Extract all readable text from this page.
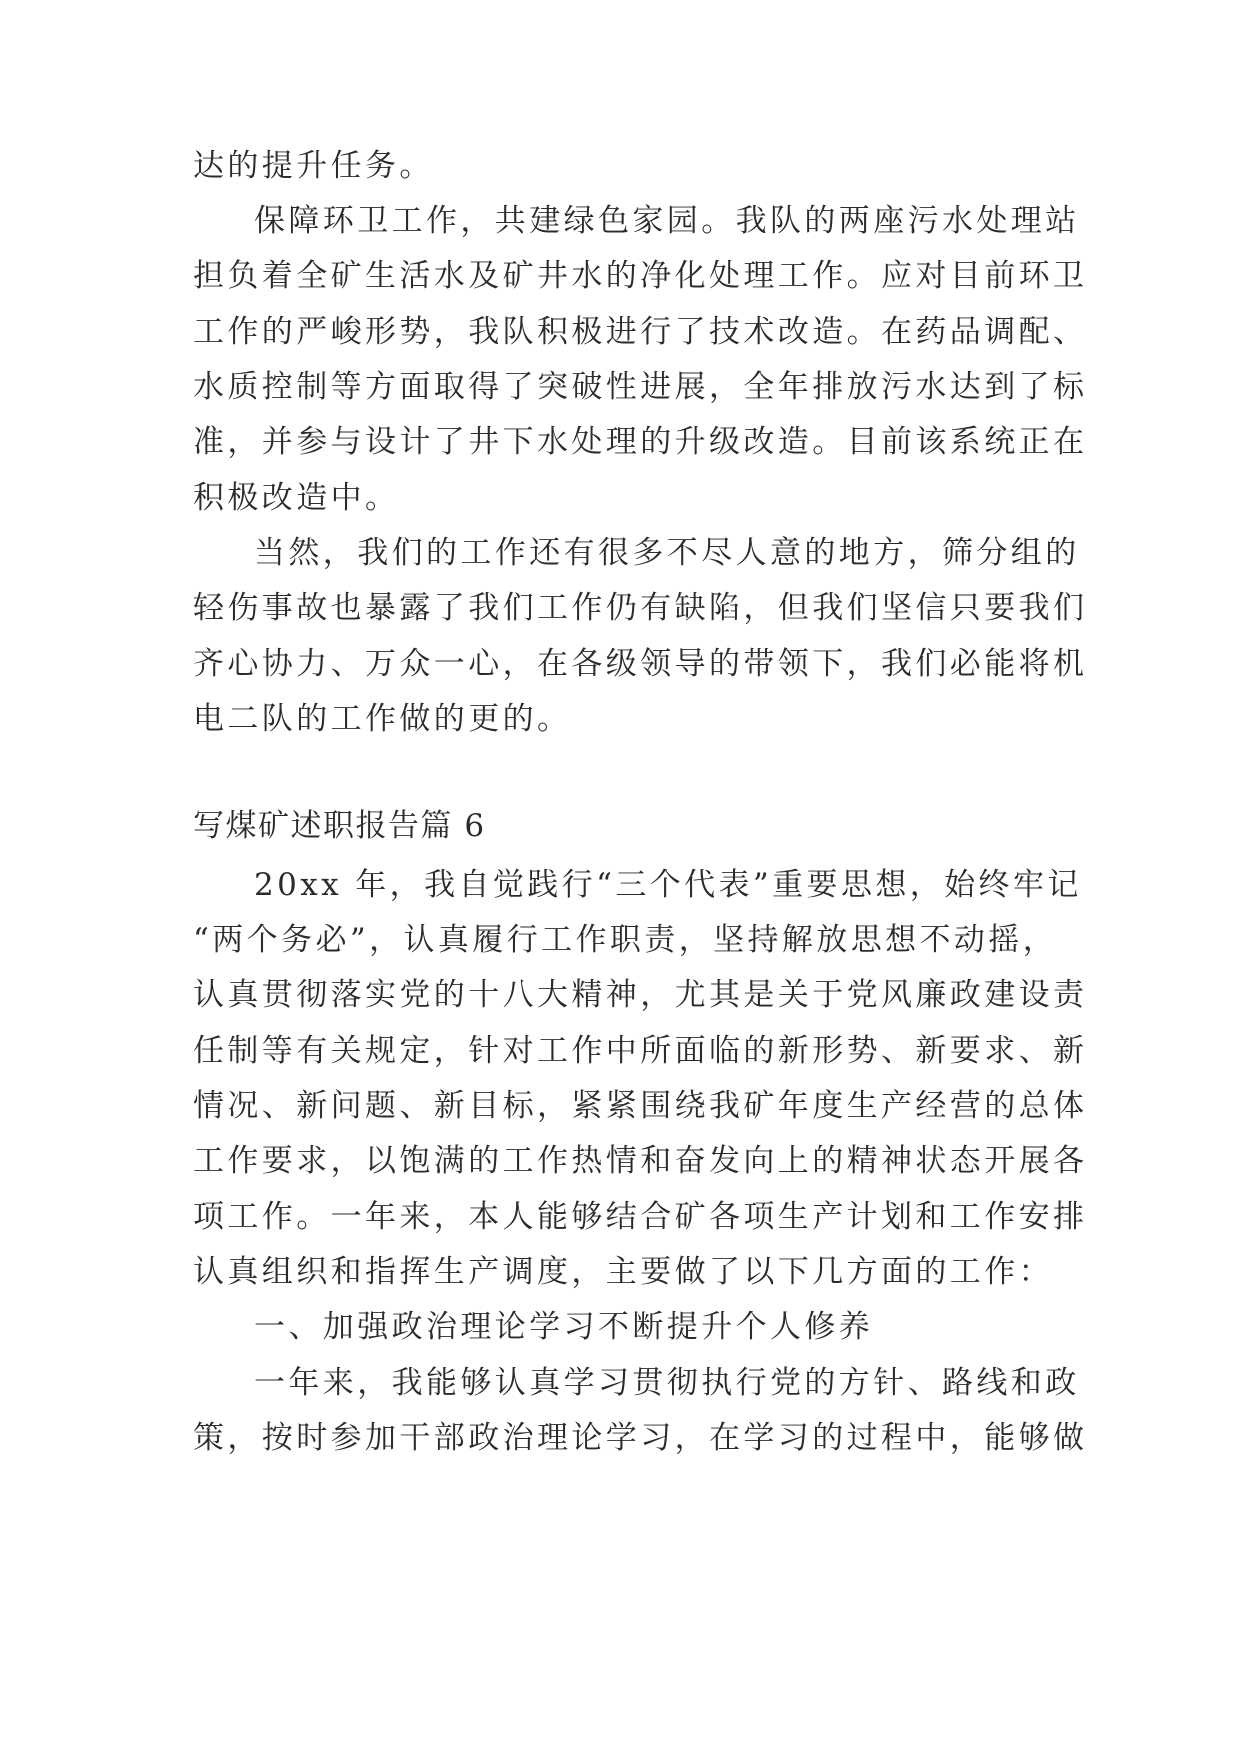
达的提升任务。

保障环卫工作，共建绿色家园。我队的两座污水处理站

担负着全矿生活水及矿井水的净化处理工作。应对目前环卫

工作的严峻形势，我队积极进行了技术改造。在药品调配、

水质控制等方面取得了突破性进展，全年排放污水达到了标

准，并参与设计了井下水处理的升级改造。目前该系统正在

积极改造中。

当然，我们的工作还有很多不尽人意的地方，筛分组的

轻伤事故也暴露了我们工作仍有缺陷，但我们坚信只要我们

齐心协力、万众一心，在各级领导的带领下，我们必能将机

电二队的工作做的更的。

写煤矿述职报告篇 6

20xx 年，我自觉践行“三个代表”重要思想，始终牢记

“两个务必”，认真履行工作职责，坚持解放思想不动摇，

认真贯彻落实党的十八大精神，尤其是关于党风廉政建设责

任制等有关规定，针对工作中所面临的新形势、新要求、新

情况、新问题、新目标，紧紧围绕我矿年度生产经营的总体

工作要求，以饱满的工作热情和奋发向上的精神状态开展各

项工作。一年来，本人能够结合矿各项生产计划和工作安排

认真组织和指挥生产调度，主要做了以下几方面的工作：

一、加强政治理论学习不断提升个人修养

一年来，我能够认真学习贯彻执行党的方针、路线和政

策，按时参加干部政治理论学习，在学习的过程中，能够做
